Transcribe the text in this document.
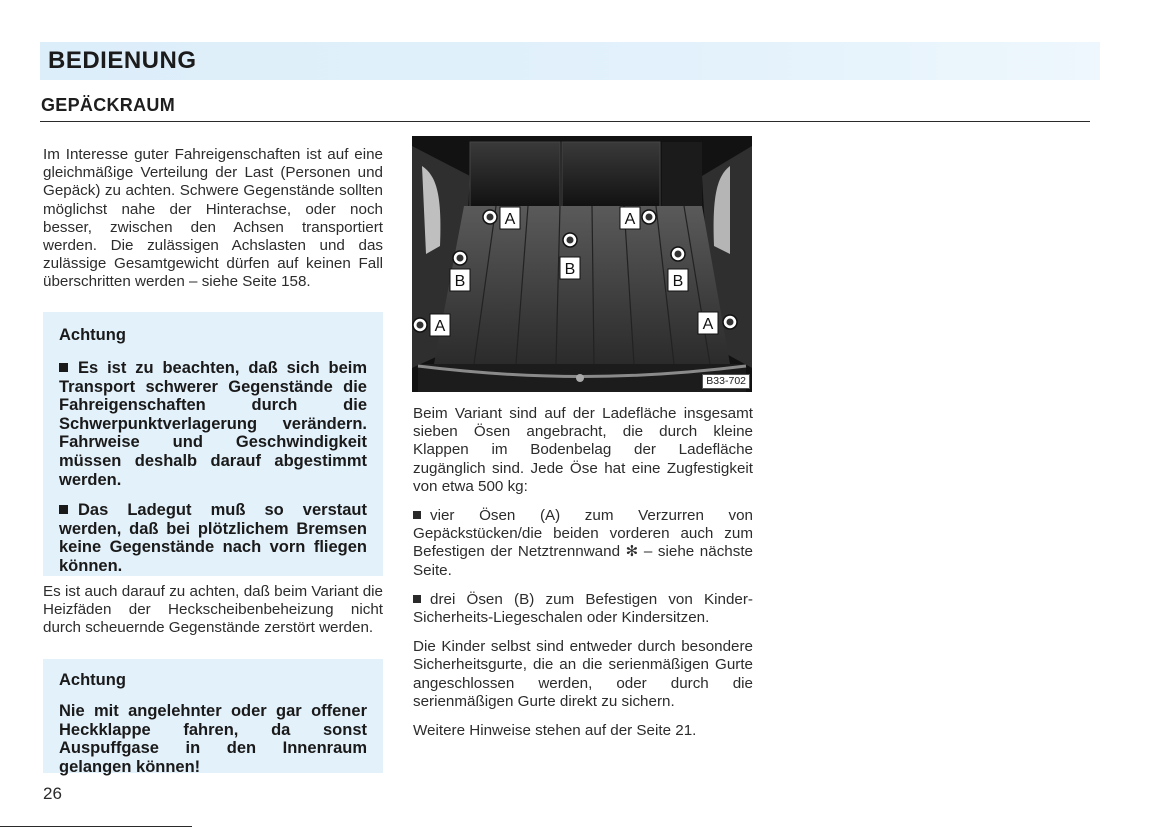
BEDIENUNG
GEPÄCKRAUM

Im Interesse guter Fahreigenschaften ist auf eine gleichmäßige Verteilung der Last (Personen und Gepäck) zu achten. Schwere Gegenstände sollten möglichst nahe der Hinterachse, oder noch besser, zwischen den Achsen transportiert werden. Die zulässigen Achslasten und das zulässige Gesamtgewicht dürfen auf keinen Fall überschritten werden – siehe Seite 158.

Achtung

Es ist zu beachten, daß sich beim Transport schwerer Gegenstände die Fahreigenschaften durch die Schwerpunktverlagerung verändern. Fahrweise und Geschwindigkeit müssen deshalb darauf abgestimmt werden.

Das Ladegut muß so verstaut werden, daß bei plötzlichem Bremsen keine Gegenstände nach vorn fliegen können.

Es ist auch darauf zu achten, daß beim Variant die Heizfäden der Heckscheibenbeheizung nicht durch scheuernde Gegenstände zerstört werden.

Achtung

Nie mit angelehnter oder gar offener Heckklappe fahren, da sonst Auspuffgase in den Innenraum gelangen können!

A	A
B
B
B
A	A
B33-702

Beim Variant sind auf der Ladefläche insgesamt sieben Ösen angebracht, die durch kleine Klappen im Bodenbelag der Ladefläche zugänglich sind. Jede Öse hat eine Zugfestigkeit von etwa 500 kg:

vier Ösen (A) zum Verzurren von Gepäckstücken/die beiden vorderen auch zum Befestigen der Netztrennwand ✻ – siehe nächste Seite.

drei Ösen (B) zum Befestigen von Kinder-Sicherheits-Liegeschalen oder Kindersitzen.

Die Kinder selbst sind entweder durch besondere Sicherheitsgurte, die an die serienmäßigen Gurte angeschlossen werden, oder durch die serienmäßigen Gurte direkt zu sichern.

Weitere Hinweise stehen auf der Seite 21.

26
